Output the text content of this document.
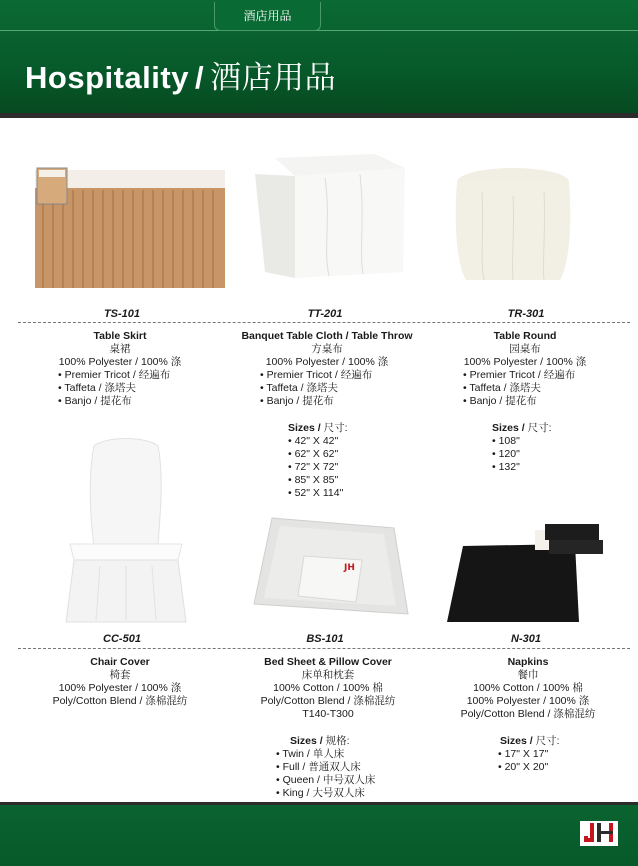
酒店用品
Hospitality / 酒店用品
TS-101	TT-201	TR-301
Table Skirt
桌裙
100% Polyester / 100% 涤
• Premier Tricot / 经遍布
• Taffeta / 涤塔夫
• Banjo / 提花布
Banquet Table Cloth / Table Throw
方桌布
100% Polyester / 100% 涤
• Premier Tricot / 经遍布
• Taffeta / 涤塔夫
• Banjo / 提花布
Sizes / 尺寸:
• 42" X 42"
• 62" X 62"
• 72" X 72"
• 85" X 85"
• 52" X 114"
Table Round
园桌布
100% Polyester / 100% 涤
• Premier Tricot / 经遍布
• Taffeta / 涤塔夫
• Banjo / 提花布
Sizes / 尺寸:
• 108"
• 120"
• 132"
JH
CC-501	BS-101	N-301
Chair Cover
椅套
100% Polyester / 100% 涤
Poly/Cotton Blend / 涤棉混纺
Bed Sheet & Pillow Cover
床单和枕套
100% Cotton / 100% 棉
Poly/Cotton Blend / 涤棉混纺
T140-T300
Sizes / 规格:
• Twin / 单人床
• Full / 普通双人床
• Queen / 中号双人床
• King / 大号双人床
Napkins
餐巾
100% Cotton / 100% 棉
100% Polyester / 100% 涤
Poly/Cotton Blend / 涤棉混纺
Sizes / 尺寸:
• 17" X 17"
• 20" X 20"
